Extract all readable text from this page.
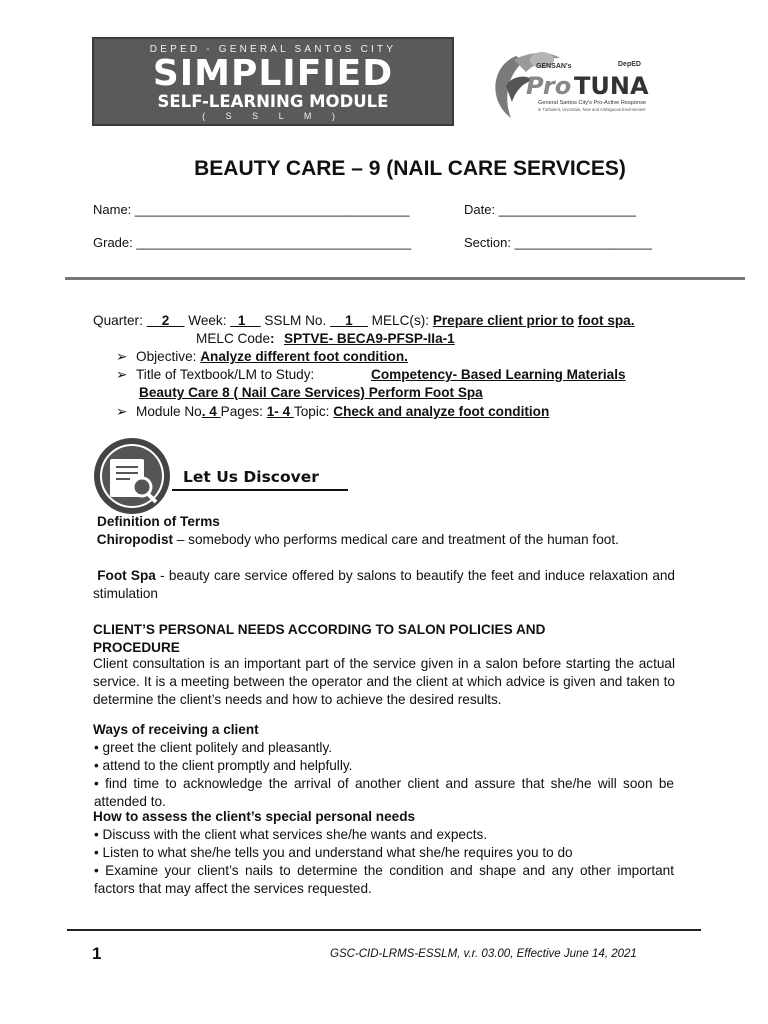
DEPED - GENERAL SANTOS CITY
SIMPLIFIED
SELF-LEARNING MODULE
( S S L M )
GENSAN's	DepED
Pro TUNA
General Santos City's Pro-Active Response
in Turbulent, Uncertain, New and Ambiguous Environment
BEAUTY CARE – 9 (NAIL CARE SERVICES)
Name: ______________________________________	Date: ___________________
Grade: ______________________________________	Section: ___________________
Quarter: __2__ Week: _1__ SSLM No. __1__ MELC(s): Prepare client prior to foot spa.
MELC Code: SPTVE- BECA9-PFSP-IIa-1
➢ Objective: Analyze different foot condition.
➢ Title of Textbook/LM to Study:	Competency- Based Learning Materials
Beauty Care 8 ( Nail Care Services) Perform Foot Spa
➢ Module No. 4 Pages: 1- 4 Topic: Check and analyze foot condition
Let Us Discover
Definition of Terms
Chiropodist – somebody who performs medical care and treatment of the human foot.
Foot Spa - beauty care service offered by salons to beautify the feet and induce relaxation and stimulation
CLIENT’S PERSONAL NEEDS ACCORDING TO SALON POLICIES AND PROCEDURE
Client consultation is an important part of the service given in a salon before starting the actual service. It is a meeting between the operator and the client at which advice is given and taken to determine the client’s needs and how to achieve the desired results.
Ways of receiving a client
• greet the client politely and pleasantly.
• attend to the client promptly and helpfully.
• find time to acknowledge the arrival of another client and assure that she/he will soon be attended to.
How to assess the client’s special personal needs
• Discuss with the client what services she/he wants and expects.
• Listen to what she/he tells you and understand what she/he requires you to do
• Examine your client’s nails to determine the condition and shape and any other important factors that may affect the services requested.
1	GSC-CID-LRMS-ESSLM, v.r. 03.00, Effective June 14, 2021
